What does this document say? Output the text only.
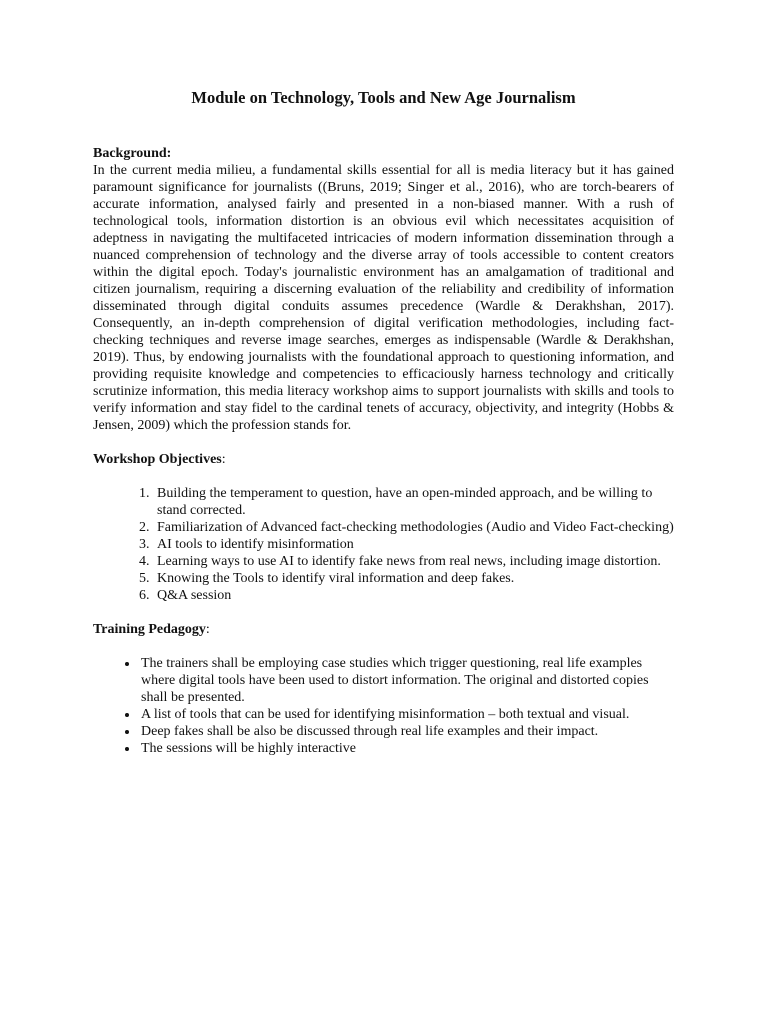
Module on Technology, Tools and New Age Journalism

Background:

In the current media milieu, a fundamental skills essential for all is media literacy but it has gained paramount significance for journalists ((Bruns, 2019; Singer et al., 2016), who are torch-bearers of accurate information, analysed fairly and presented in a non-biased manner. With a rush of technological tools, information distortion is an obvious evil which necessitates acquisition of adeptness in navigating the multifaceted intricacies of modern information dissemination through a nuanced comprehension of technology and the diverse array of tools accessible to content creators within the digital epoch. Today's journalistic environment has an amalgamation of traditional and citizen journalism, requiring a discerning evaluation of the reliability and credibility of information disseminated through digital conduits assumes precedence (Wardle & Derakhshan, 2017). Consequently, an in-depth comprehension of digital verification methodologies, including fact-checking techniques and reverse image searches, emerges as indispensable (Wardle & Derakhshan, 2019). Thus, by endowing journalists with the foundational approach to questioning information, and providing requisite knowledge and competencies to efficaciously harness technology and critically scrutinize information, this media literacy workshop aims to support journalists with skills and tools to verify information and stay fidel to the cardinal tenets of accuracy, objectivity, and integrity (Hobbs & Jensen, 2009) which the profession stands for.

Workshop Objectives:

1. Building the temperament to question, have an open-minded approach, and be willing to stand corrected.
2. Familiarization of Advanced fact-checking methodologies (Audio and Video Fact-checking)
3. AI tools to identify misinformation
4. Learning ways to use AI to identify fake news from real news, including image distortion.
5. Knowing the Tools to identify viral information and deep fakes.
6. Q&A session

Training Pedagogy:

• The trainers shall be employing case studies which trigger questioning, real life examples where digital tools have been used to distort information. The original and distorted copies shall be presented.
• A list of tools that can be used for identifying misinformation – both textual and visual.
• Deep fakes shall be also be discussed through real life examples and their impact.
• The sessions will be highly interactive
